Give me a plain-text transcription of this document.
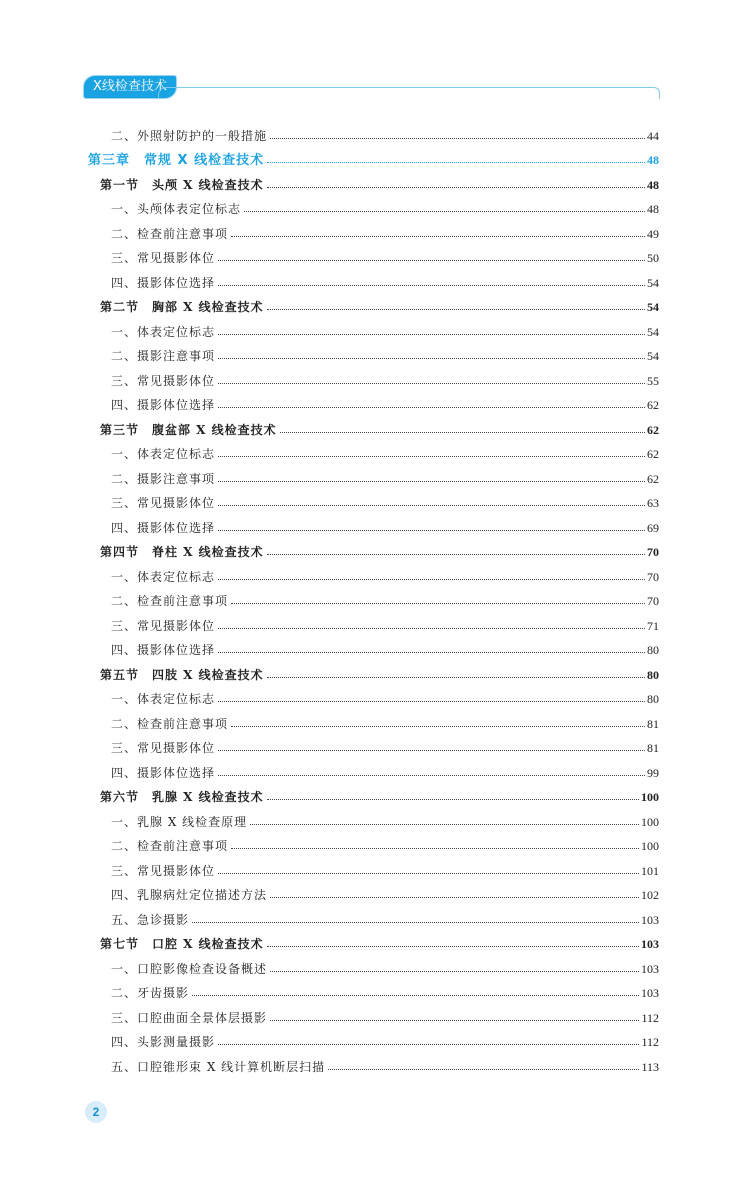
X线检查技术
二、外照射防护的一般措施	44
第三章　常规 X 线检查技术	48
第一节　头颅 X 线检查技术	48
一、头颅体表定位标志	48
二、检查前注意事项	49
三、常见摄影体位	50
四、摄影体位选择	54
第二节　胸部 X 线检查技术	54
一、体表定位标志	54
二、摄影注意事项	54
三、常见摄影体位	55
四、摄影体位选择	62
第三节　腹盆部 X 线检查技术	62
一、体表定位标志	62
二、摄影注意事项	62
三、常见摄影体位	63
四、摄影体位选择	69
第四节　脊柱 X 线检查技术	70
一、体表定位标志	70
二、检查前注意事项	70
三、常见摄影体位	71
四、摄影体位选择	80
第五节　四肢 X 线检查技术	80
一、体表定位标志	80
二、检查前注意事项	81
三、常见摄影体位	81
四、摄影体位选择	99
第六节　乳腺 X 线检查技术	100
一、乳腺 X 线检查原理	100
二、检查前注意事项	100
三、常见摄影体位	101
四、乳腺病灶定位描述方法	102
五、急诊摄影	103
第七节　口腔 X 线检查技术	103
一、口腔影像检查设备概述	103
二、牙齿摄影	103
三、口腔曲面全景体层摄影	112
四、头影测量摄影	112
五、口腔锥形束 X 线计算机断层扫描	113
2
